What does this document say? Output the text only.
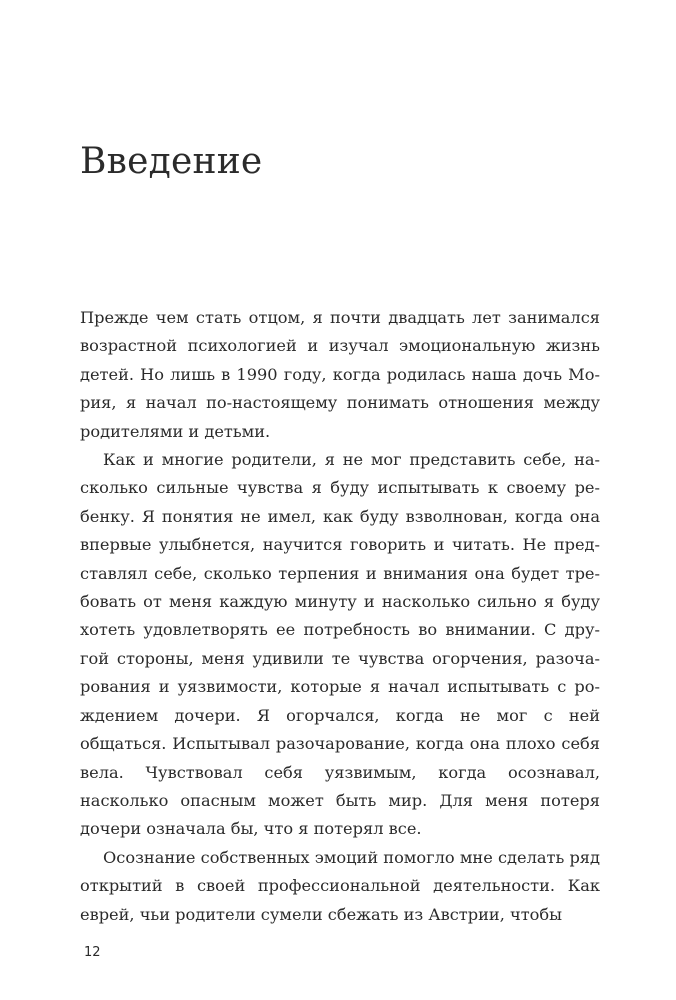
Введение

Прежде чем стать отцом, я почти двадцать лет занимался возрастной психологией и изучал эмоциональную жизнь детей. Но лишь в 1990 году, когда родилась наша дочь Мория, я начал по-настоящему понимать отношения между родителями и детьми.

Как и многие родители, я не мог представить себе, насколько сильные чувства я буду испытывать к своему ребенку. Я понятия не имел, как буду взволнован, когда она впервые улыбнется, научится говорить и читать. Не представлял себе, сколько терпения и внимания она будет требовать от меня каждую минуту и насколько сильно я буду хотеть удовлетворять ее потребность во внимании. С другой стороны, меня удивили те чувства огорчения, разочарования и уязвимости, которые я начал испытывать с рождением дочери. Я огорчался, когда не мог с ней общаться. Испытывал разочарование, когда она плохо себя вела. Чувствовал себя уязвимым, когда осознавал, насколько опасным может быть мир. Для меня потеря дочери означала бы, что я потерял все.

Осознание собственных эмоций помогло мне сделать ряд открытий в своей профессиональной деятельности. Как еврей, чьи родители сумели сбежать из Австрии, чтобы

12
